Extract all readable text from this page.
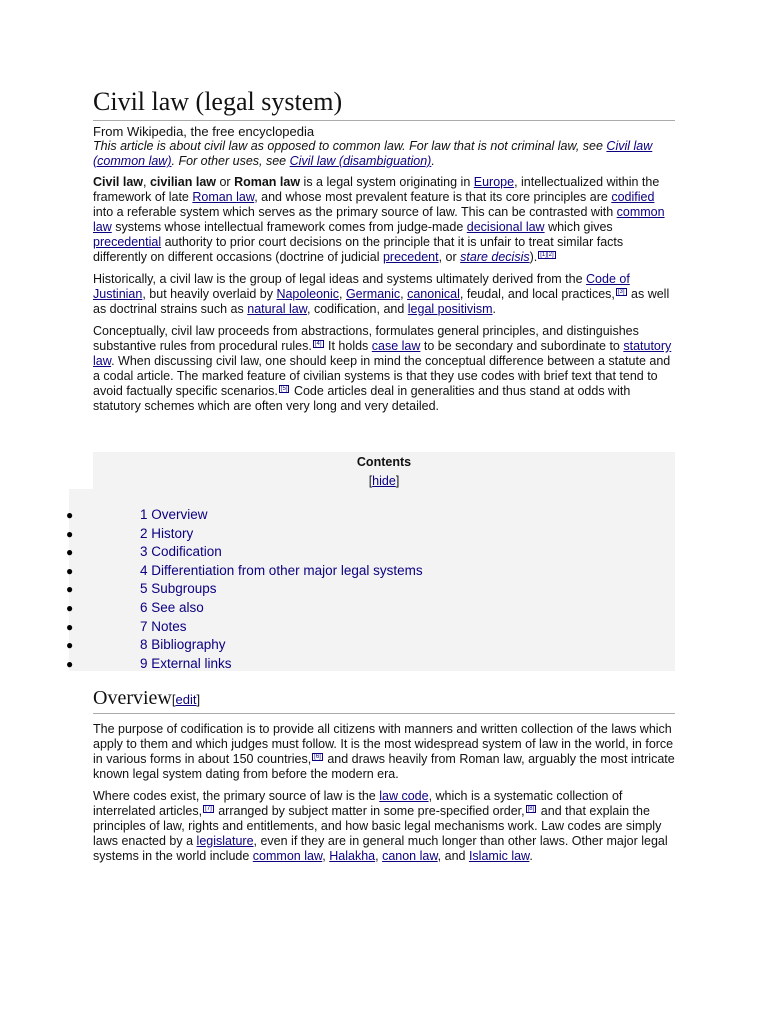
Civil law (legal system)
From Wikipedia, the free encyclopedia
This article is about civil law as opposed to common law. For law that is not criminal law, see Civil law (common law). For other uses, see Civil law (disambiguation).

Civil law, civilian law or Roman law is a legal system originating in Europe, intellectualized within the framework of late Roman law, and whose most prevalent feature is that its core principles are codified into a referable system which serves as the primary source of law. This can be contrasted with common law systems whose intellectual framework comes from judge-made decisional law which gives precedential authority to prior court decisions on the principle that it is unfair to treat similar facts differently on different occasions (doctrine of judicial precedent, or stare decisis). [1][2]

Historically, a civil law is the group of legal ideas and systems ultimately derived from the Code of Justinian, but heavily overlaid by Napoleonic, Germanic, canonical, feudal, and local practices, [3] as well as doctrinal strains such as natural law, codification, and legal positivism.

Conceptually, civil law proceeds from abstractions, formulates general principles, and distinguishes substantive rules from procedural rules. [4] It holds case law to be secondary and subordinate to statutory law. When discussing civil law, one should keep in mind the conceptual difference between a statute and a codal article. The marked feature of civilian systems is that they use codes with brief text that tend to avoid factually specific scenarios. [5] Code articles deal in generalities and thus stand at odds with statutory schemes which are often very long and very detailed.

Contents
[hide]
●	1 Overview
●	2 History
●	3 Codification
●	4 Differentiation from other major legal systems
●	5 Subgroups
●	6 See also
●	7 Notes
●	8 Bibliography
●	9 External links
Overview[edit]

The purpose of codification is to provide all citizens with manners and written collection of the laws which apply to them and which judges must follow. It is the most widespread system of law in the world, in force in various forms in about 150 countries, [6] and draws heavily from Roman law, arguably the most intricate known legal system dating from before the modern era.

Where codes exist, the primary source of law is the law code, which is a systematic collection of interrelated articles, [7] arranged by subject matter in some pre-specified order, [8] and that explain the principles of law, rights and entitlements, and how basic legal mechanisms work. Law codes are simply laws enacted by a legislature, even if they are in general much longer than other laws. Other major legal systems in the world include common law, Halakha, canon law, and Islamic law.
